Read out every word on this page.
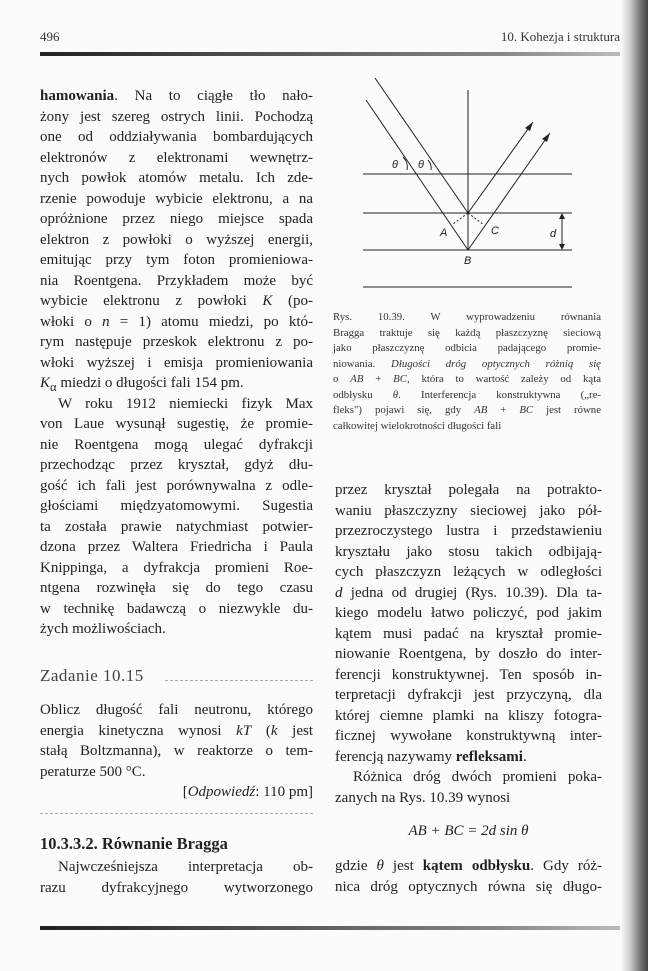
496	10. Kohezja i struktura
hamowania. Na to ciągłe tło nało-
żony jest szereg ostrych linii. Pochodzą
one od oddziaływania bombardujących
elektronów z elektronami wewnętrz-
nych powłok atomów metalu. Ich zde-
rzenie powoduje wybicie elektronu, a na
opróżnione przez niego miejsce spada
elektron z powłoki o wyższej energii,
emitując przy tym foton promieniowa-
nia Roentgena. Przykładem może być
wybicie elektronu z powłoki K (po-
włoki o n = 1) atomu miedzi, po któ-
rym następuje przeskok elektronu z po-
włoki wyższej i emisja promieniowania
$K_\alpha$ miedzi o długości fali 154 pm.
W roku 1912 niemiecki fizyk Max
von Laue wysunął sugestię, że promie-
nie Roentgena mogą ulegać dyfrakcji
przechodząc przez kryształ, gdyż dłu-
gość ich fali jest porównywalna z odle-
głościami międzyatomowymi. Sugestia
ta została prawie natychmiast potwier-
dzona przez Waltera Friedricha i Paula
Knippinga, a dyfrakcja promieni Roe-
ntgena rozwinęła się do tego czasu
w technikę badawczą o niezwykle du-
żych możliwościach.
Zadanie 10.15
Oblicz długość fali neutronu, którego
energia kinetyczna wynosi kT (k jest
stałą Boltzmanna), w reaktorze o tem-
peraturze 500 °C.
[Odpowiedź: 110 pm]
10.3.3.2. Równanie Bragga
Najwcześniejsza interpretacja ob-
razu dyfrakcyjnego wytworzonego
θ θ
A	C	d
B
Rys. 10.39. W wyprowadzeniu równania
Bragga traktuje się każdą płaszczyznę sieciową
jako płaszczyznę odbicia padającego promie-
niowania. Długości dróg optycznych różnią się
o AB + BC, która to wartość zależy od kąta
odbłysku θ. Interferencja konstruktywna („re-
fleks") pojawi się, gdy AB + BC jest równe
całkowitej wielokrotności długości fali
przez kryształ polegała na potrakto-
waniu płaszczyzny sieciowej jako pół-
przezroczystego lustra i przedstawieniu
kryształu jako stosu takich odbijają-
cych płaszczyzn leżących w odległości
d jedna od drugiej (Rys. 10.39). Dla ta-
kiego modelu łatwo policzyć, pod jakim
kątem musi padać na kryształ promie-
niowanie Roentgena, by doszło do inter-
ferencji konstruktywnej. Ten sposób in-
terpretacji dyfrakcji jest przyczyną, dla
której ciemne plamki na kliszy fotogra-
ficznej wywołane konstruktywną inter-
ferencją nazywamy refleksami.
Różnica dróg dwóch promieni poka-
zanych na Rys. 10.39 wynosi
AB + BC = 2d sin θ
gdzie θ jest kątem odbłysku. Gdy róż-
nica dróg optycznych równa się długo-
